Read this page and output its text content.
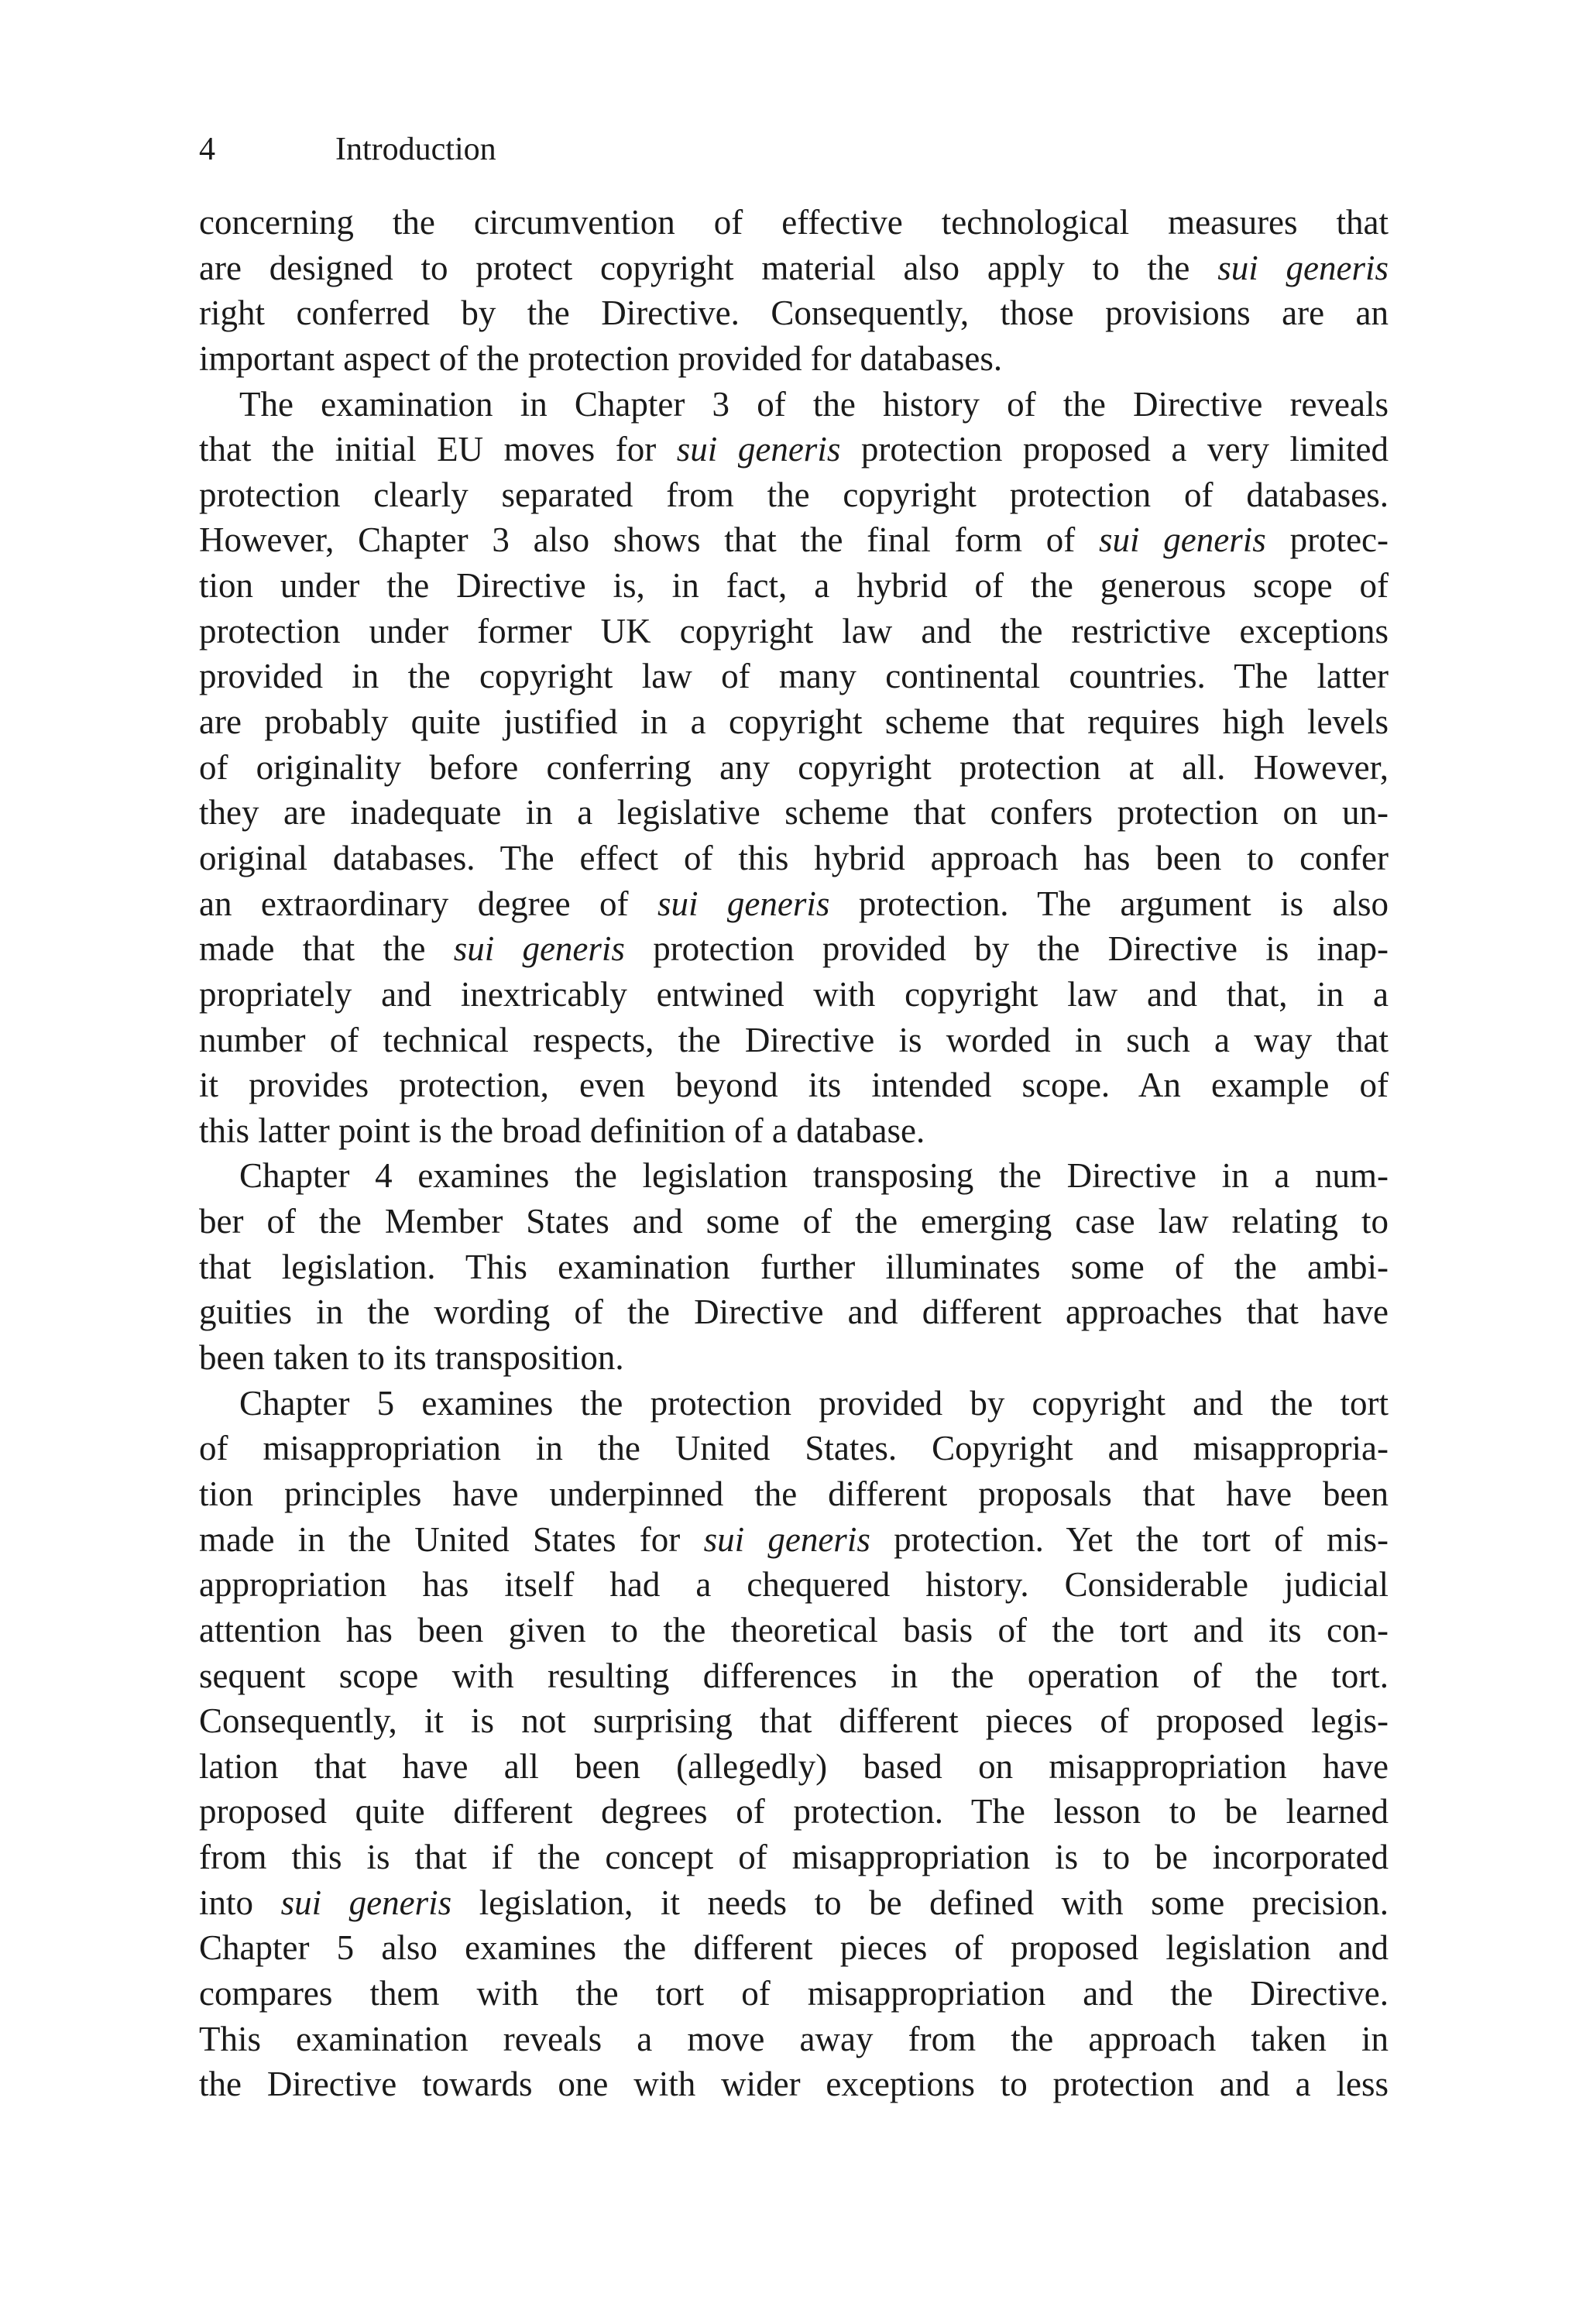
4	Introduction
concerning the circumvention of effective technological measures that
are designed to protect copyright material also apply to the sui generis
right conferred by the Directive. Consequently, those provisions are an
important aspect of the protection provided for databases.
The examination in Chapter 3 of the history of the Directive reveals
that the initial EU moves for sui generis protection proposed a very limited
protection clearly separated from the copyright protection of databases.
However, Chapter 3 also shows that the final form of sui generis protec-
tion under the Directive is, in fact, a hybrid of the generous scope of
protection under former UK copyright law and the restrictive exceptions
provided in the copyright law of many continental countries. The latter
are probably quite justified in a copyright scheme that requires high levels
of originality before conferring any copyright protection at all. However,
they are inadequate in a legislative scheme that confers protection on un-
original databases. The effect of this hybrid approach has been to confer
an extraordinary degree of sui generis protection. The argument is also
made that the sui generis protection provided by the Directive is inap-
propriately and inextricably entwined with copyright law and that, in a
number of technical respects, the Directive is worded in such a way that
it provides protection, even beyond its intended scope. An example of
this latter point is the broad definition of a database.
Chapter 4 examines the legislation transposing the Directive in a num-
ber of the Member States and some of the emerging case law relating to
that legislation. This examination further illuminates some of the ambi-
guities in the wording of the Directive and different approaches that have
been taken to its transposition.
Chapter 5 examines the protection provided by copyright and the tort
of misappropriation in the United States. Copyright and misappropria-
tion principles have underpinned the different proposals that have been
made in the United States for sui generis protection. Yet the tort of mis-
appropriation has itself had a chequered history. Considerable judicial
attention has been given to the theoretical basis of the tort and its con-
sequent scope with resulting differences in the operation of the tort.
Consequently, it is not surprising that different pieces of proposed legis-
lation that have all been (allegedly) based on misappropriation have
proposed quite different degrees of protection. The lesson to be learned
from this is that if the concept of misappropriation is to be incorporated
into sui generis legislation, it needs to be defined with some precision.
Chapter 5 also examines the different pieces of proposed legislation and
compares them with the tort of misappropriation and the Directive.
This examination reveals a move away from the approach taken in
the Directive towards one with wider exceptions to protection and a less
